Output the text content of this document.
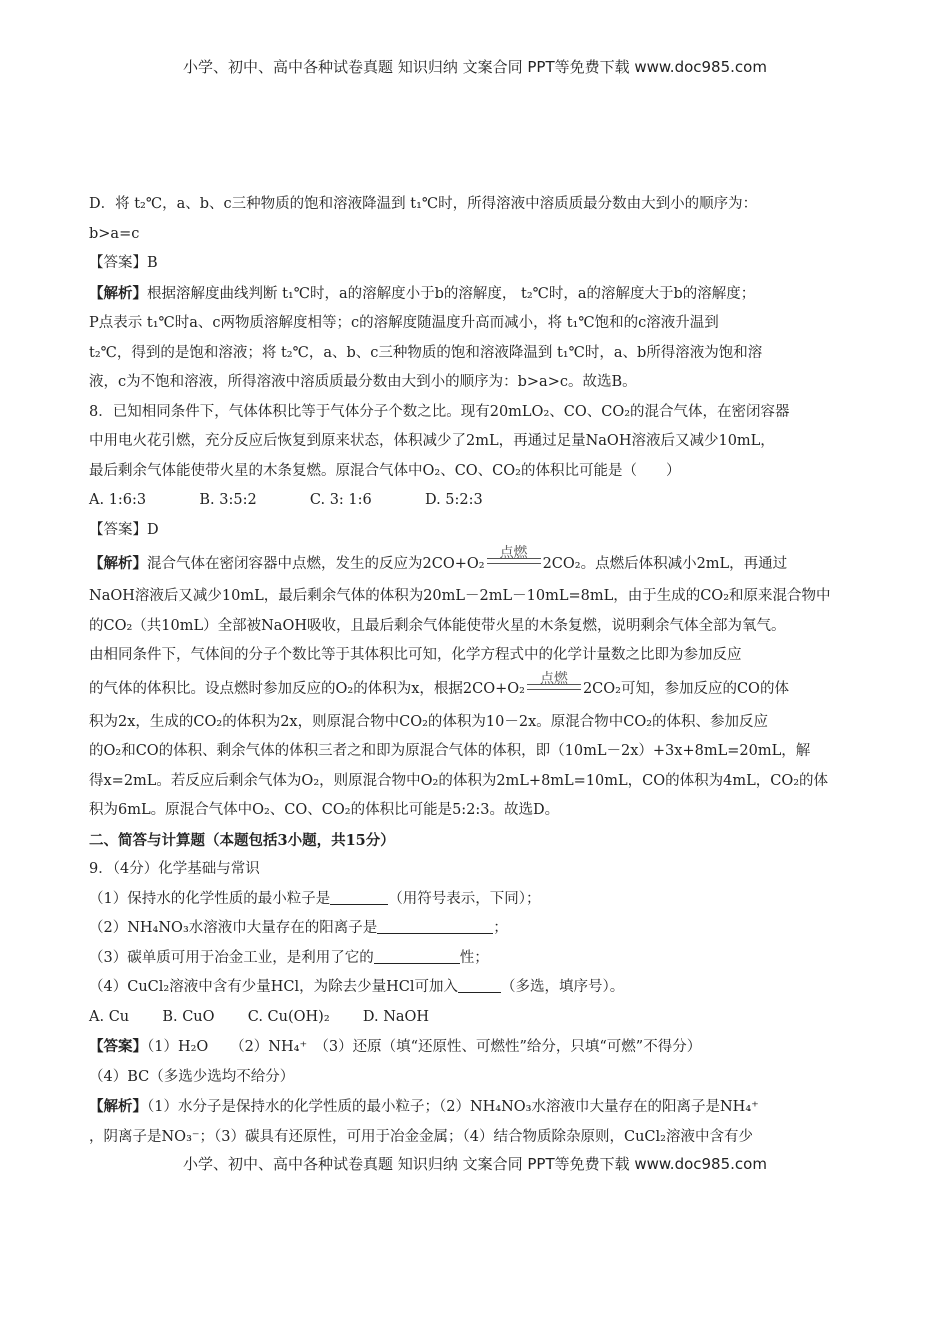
小学、初中、高中各种试卷真题 知识归纳 文案合同 PPT等免费下载 www.doc985.com

D．将 t₂℃，a、b、c三种物质的饱和溶液降温到 t₁℃时，所得溶液中溶质质最分数由大到小的顺序为：

b>a=c

【答案】B

【解析】根据溶解度曲线判断 t₁℃时，a的溶解度小于b的溶解度， t₂℃时，a的溶解度大于b的溶解度；

P点表示 t₁℃时a、c两物质溶解度相等；c的溶解度随温度升高而减小，将 t₁℃饱和的c溶液升温到

t₂℃，得到的是饱和溶液；将 t₂℃，a、b、c三种物质的饱和溶液降温到 t₁℃时，a、b所得溶液为饱和溶

液，c为不饱和溶液，所得溶液中溶质质最分数由大到小的顺序为：b>a>c。故选B。

8．已知相同条件下，气体体积比等于气体分子个数之比。现有20mLO₂、CO、CO₂的混合气体，在密闭容器

中用电火花引燃，充分反应后恢复到原来状态，体积减少了2mL，再通过足量NaOH溶液后又减少10mL，

最后剩余气体能使带火星的木条复燃。原混合气体中O₂、CO、CO₂的体积比可能是（　　）

A. 1:6:3	B. 3:5:2	C. 3: 1:6	D. 5:2:3

【答案】D

【解析】混合气体在密闭容器中点燃，发生的反应为2CO+O₂
点燃
2CO₂。点燃后体积减小2mL，再通过

NaOH溶液后又减少10mL，最后剩余气体的体积为20mL－2mL－10mL=8mL，由于生成的CO₂和原来混合物中

的CO₂（共10mL）全部被NaOH吸收，且最后剩余气体能使带火星的木条复燃，说明剩余气体全部为氧气。

由相同条件下，气体间的分子个数比等于其体积比可知，化学方程式中的化学计量数之比即为参加反应

的气体的体积比。设点燃时参加反应的O₂的体积为x，根据2CO+O₂
点燃
2CO₂可知，参加反应的CO的体

积为2x，生成的CO₂的体积为2x，则原混合物中CO₂的体积为10－2x。原混合物中CO₂的体积、参加反应

的O₂和CO的体积、剩余气体的体积三者之和即为原混合气体的体积，即（10mL－2x）+3x+8mL=20mL，解

得x=2mL。若反应后剩余气体为O₂，则原混合物中O₂的体积为2mL+8mL=10mL，CO的体积为4mL，CO₂的体

积为6mL。原混合气体中O₂、CO、CO₂的体积比可能是5:2:3。故选D。

二、简答与计算题（本题包括3小题，共15分）

9．（4分）化学基础与常识

（1）保持水的化学性质的最小粒子是	（用符号表示，下同）；

（2）NH₄NO₃水溶液巾大量存在的阳离子是	；

（3）碳单质可用于冶金工业，是利用了它的	性；

（4）CuCl₂溶液中含有少量HCl，为除去少量HCl可加入	（多选，填序号）。

A. Cu B. CuO C. Cu(OH)₂ D. NaOH

【答案】（1）H₂O　　（2）NH₄⁺　（3）还原（填“还原性、可燃性”给分，只填“可燃”不得分）

（4）BC（多选少选均不给分）

【解析】（1）水分子是保持水的化学性质的最小粒子；（2）NH₄NO₃水溶液巾大量存在的阳离子是NH₄⁺

，阴离子是NO₃⁻；（3）碳具有还原性，可用于冶金金属；（4）结合物质除杂原则，CuCl₂溶液中含有少

小学、初中、高中各种试卷真题 知识归纳 文案合同 PPT等免费下载 www.doc985.com
